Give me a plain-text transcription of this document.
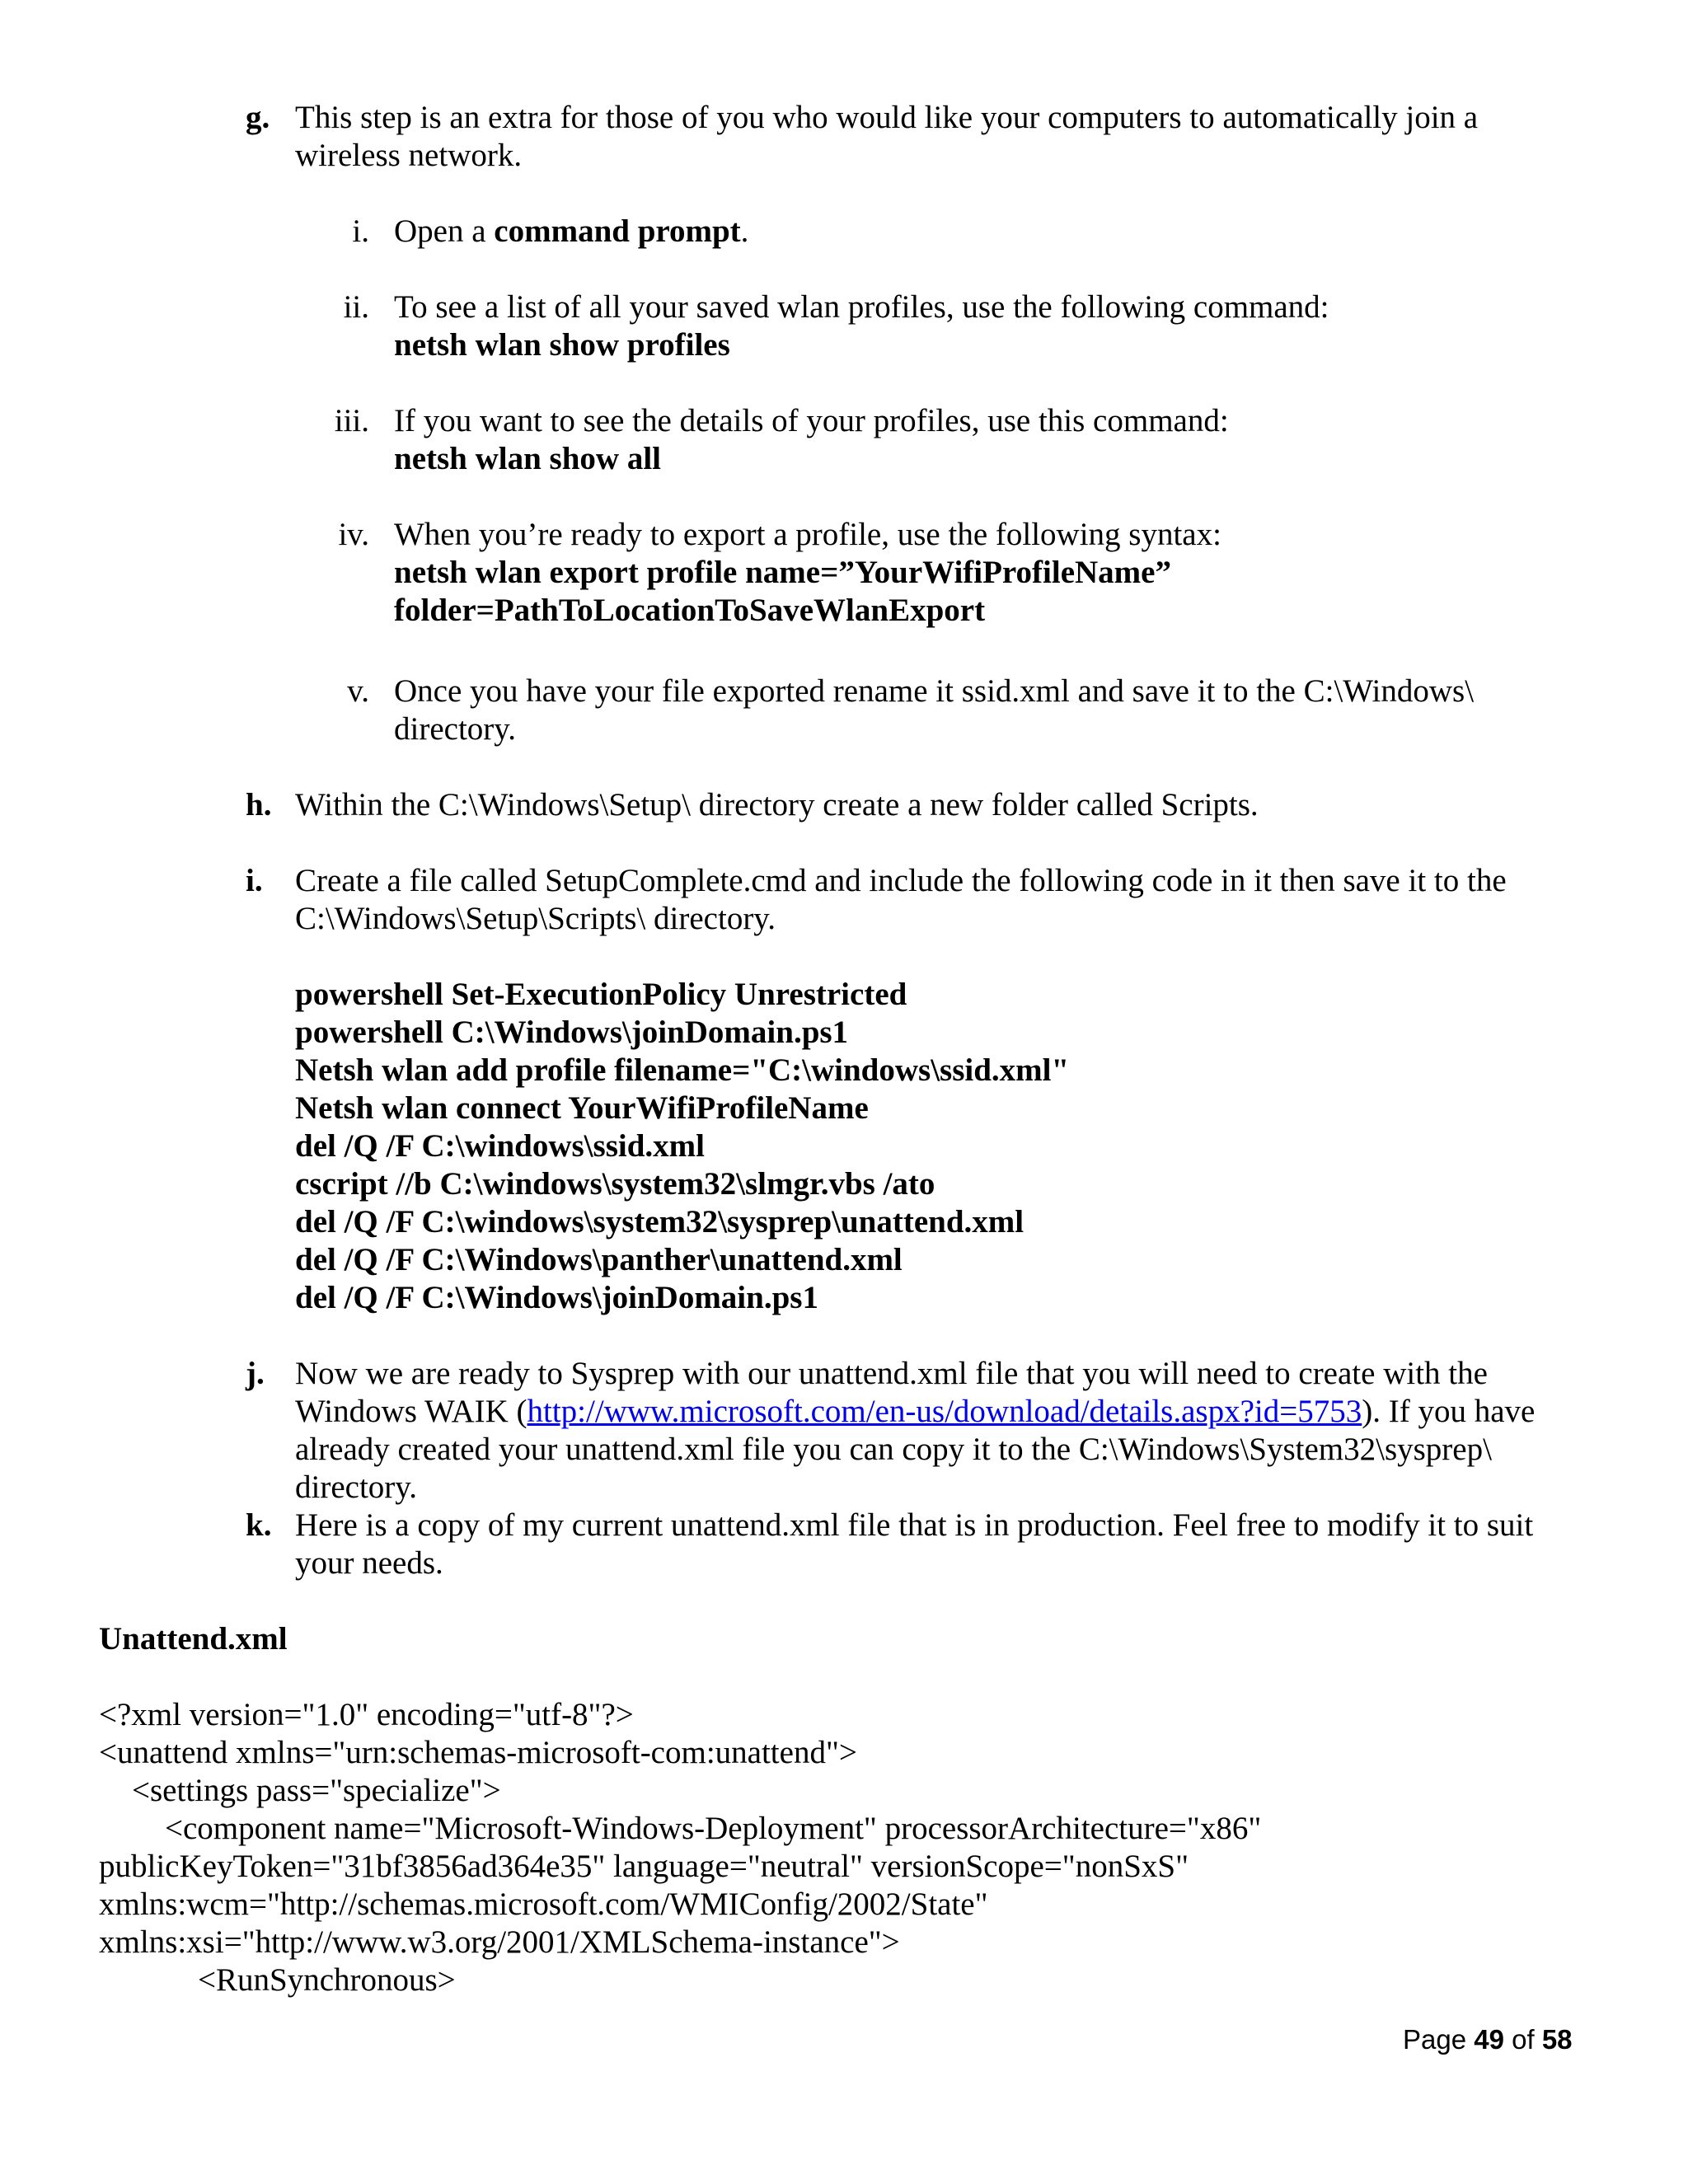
g. This step is an extra for those of you who would like your computers to automatically join a
wireless network.
i. Open a command prompt.
ii. To see a list of all your saved wlan profiles, use the following command:
netsh wlan show profiles
iii. If you want to see the details of your profiles, use this command:
netsh wlan show all
iv. When you’re ready to export a profile, use the following syntax:
netsh wlan export profile name=”YourWifiProfileName”
folder=PathToLocationToSaveWlanExport
v. Once you have your file exported rename it ssid.xml and save it to the C:\Windows\
directory.
h. Within the C:\Windows\Setup\ directory create a new folder called Scripts.
i. Create a file called SetupComplete.cmd and include the following code in it then save it to the
C:\Windows\Setup\Scripts\ directory.
powershell Set-ExecutionPolicy Unrestricted
powershell C:\Windows\joinDomain.ps1
Netsh wlan add profile filename="C:\windows\ssid.xml"
Netsh wlan connect YourWifiProfileName
del /Q /F C:\windows\ssid.xml
cscript //b C:\windows\system32\slmgr.vbs /ato
del /Q /F C:\windows\system32\sysprep\unattend.xml
del /Q /F C:\Windows\panther\unattend.xml
del /Q /F C:\Windows\joinDomain.ps1
j. Now we are ready to Sysprep with our unattend.xml file that you will need to create with the
Windows WAIK (http://www.microsoft.com/en-us/download/details.aspx?id=5753). If you have
already created your unattend.xml file you can copy it to the C:\Windows\System32\sysprep\
directory.
k. Here is a copy of my current unattend.xml file that is in production. Feel free to modify it to suit
your needs.
Unattend.xml
<?xml version="1.0" encoding="utf-8"?>
<unattend xmlns="urn:schemas-microsoft-com:unattend">
<settings pass="specialize">
<component name="Microsoft-Windows-Deployment" processorArchitecture="x86"
publicKeyToken="31bf3856ad364e35" language="neutral" versionScope="nonSxS"
xmlns:wcm="http://schemas.microsoft.com/WMIConfig/2002/State"
xmlns:xsi="http://www.w3.org/2001/XMLSchema-instance">
<RunSynchronous>
Page 49 of 58
